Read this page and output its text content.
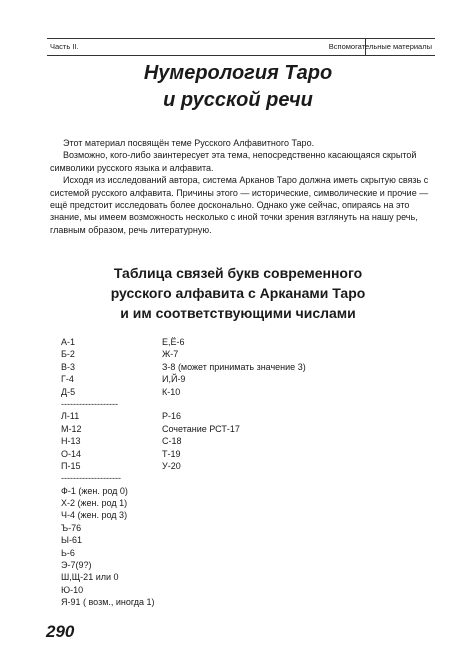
Часть II.	Вспомогательные материалы
Нумерология Таро
и русской речи

Этот материал посвящён теме Русского Алфавитного Таро.

Возможно, кого-либо заинтересует эта тема, непосредственно касающаяся скрытой символики русского языка и алфавита.

Исходя из исследований автора, система Арканов Таро должна иметь скрытую связь с системой русского алфавита. Причины этого — исторические, символические и прочие — ещё предстоит исследовать более досконально. Однако уже сейчас, опираясь на это знание, мы имеем возможность несколько с иной точки зрения взглянуть на нашу речь, главным образом, речь литературную.

Таблица связей букв современного
русского алфавита с Арканами Таро
и им соответствующими числами
А-1
Б-2
В-3
Г-4
Д-5
-------------------
Л-11
М-12
Н-13
О-14
П-15
--------------------
Ф-1 (жен. род 0)
Х-2 (жен. род 1)
Ч-4 (жен. род 3)
Ъ-76
Ы-61
Ь-6
Э-7(9?)
Ш,Щ-21 или 0
Ю-10
Я-91 ( возм., иногда 1)
Е,Ё-6
Ж-7
З-8 (может принимать значение 3)
И,Й-9
К-10
Р-16
Сочетание РСТ-17
С-18
Т-19
У-20
290
